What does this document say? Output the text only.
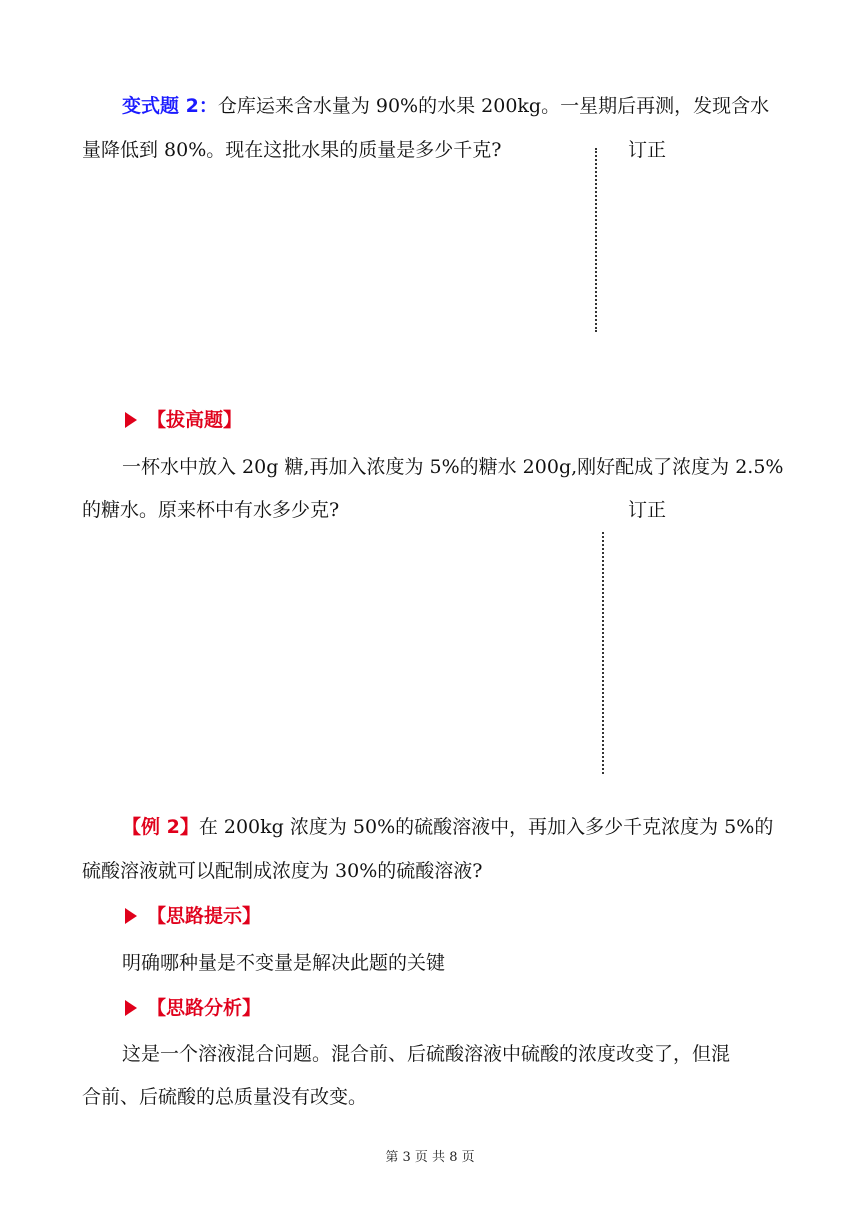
变式题 2：仓库运来含水量为 90%的水果 200kg。一星期后再测，发现含水
量降低到 80%。现在这批水果的质量是多少千克?	订正
【拔高题】
一杯水中放入 20g 糖,再加入浓度为 5%的糖水 200g,刚好配成了浓度为 2.5%
的糖水。原来杯中有水多少克?	订正
【例 2】在 200kg 浓度为 50%的硫酸溶液中，再加入多少千克浓度为 5%的
硫酸溶液就可以配制成浓度为 30%的硫酸溶液?
【思路提示】
明确哪种量是不变量是解决此题的关键
【思路分析】
这是一个溶液混合问题。混合前、后硫酸溶液中硫酸的浓度改变了，但混
合前、后硫酸的总质量没有改变。
第 3 页 共 8 页
